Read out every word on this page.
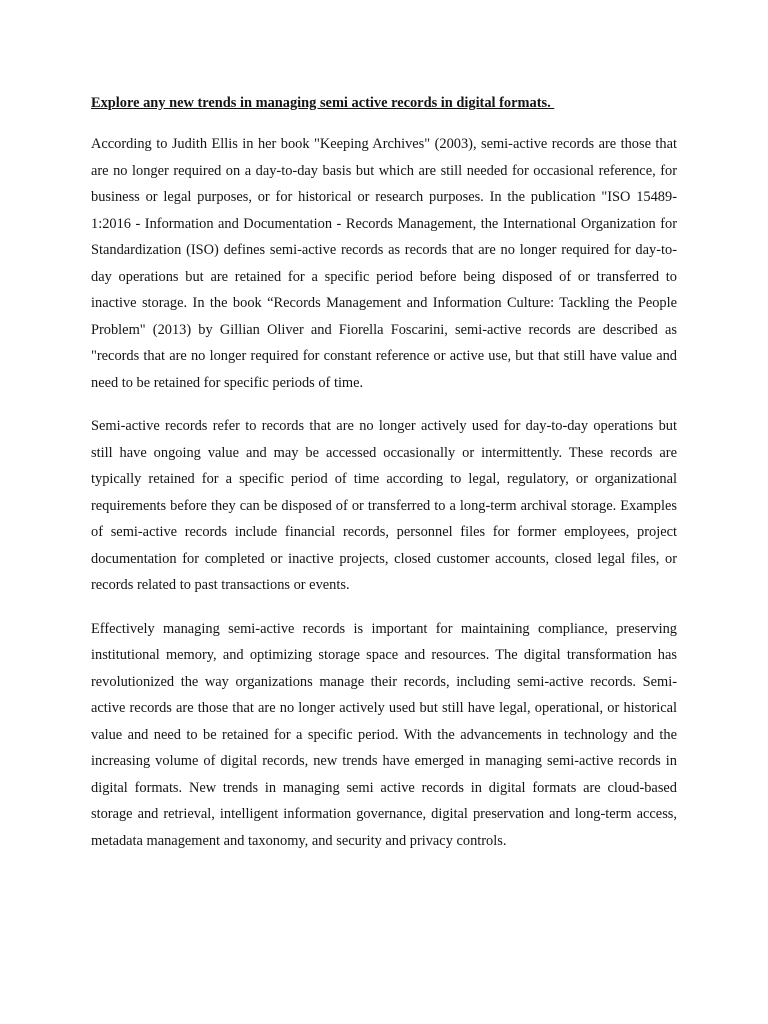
Explore any new trends in managing semi active records in digital formats.

According to Judith Ellis in her book "Keeping Archives" (2003), semi-active records are those that are no longer required on a day-to-day basis but which are still needed for occasional reference, for business or legal purposes, or for historical or research purposes. In the publication "ISO 15489-1:2016 - Information and Documentation - Records Management, the International Organization for Standardization (ISO) defines semi-active records as records that are no longer required for day-to-day operations but are retained for a specific period before being disposed of or transferred to inactive storage. In the book “Records Management and Information Culture: Tackling the People Problem" (2013) by Gillian Oliver and Fiorella Foscarini, semi-active records are described as "records that are no longer required for constant reference or active use, but that still have value and need to be retained for specific periods of time.

Semi-active records refer to records that are no longer actively used for day-to-day operations but still have ongoing value and may be accessed occasionally or intermittently. These records are typically retained for a specific period of time according to legal, regulatory, or organizational requirements before they can be disposed of or transferred to a long-term archival storage. Examples of semi-active records include financial records, personnel files for former employees, project documentation for completed or inactive projects, closed customer accounts, closed legal files, or records related to past transactions or events.

Effectively managing semi-active records is important for maintaining compliance, preserving institutional memory, and optimizing storage space and resources. The digital transformation has revolutionized the way organizations manage their records, including semi-active records. Semi-active records are those that are no longer actively used but still have legal, operational, or historical value and need to be retained for a specific period. With the advancements in technology and the increasing volume of digital records, new trends have emerged in managing semi-active records in digital formats. New trends in managing semi active records in digital formats are cloud-based storage and retrieval, intelligent information governance, digital preservation and long-term access, metadata management and taxonomy, and security and privacy controls.
